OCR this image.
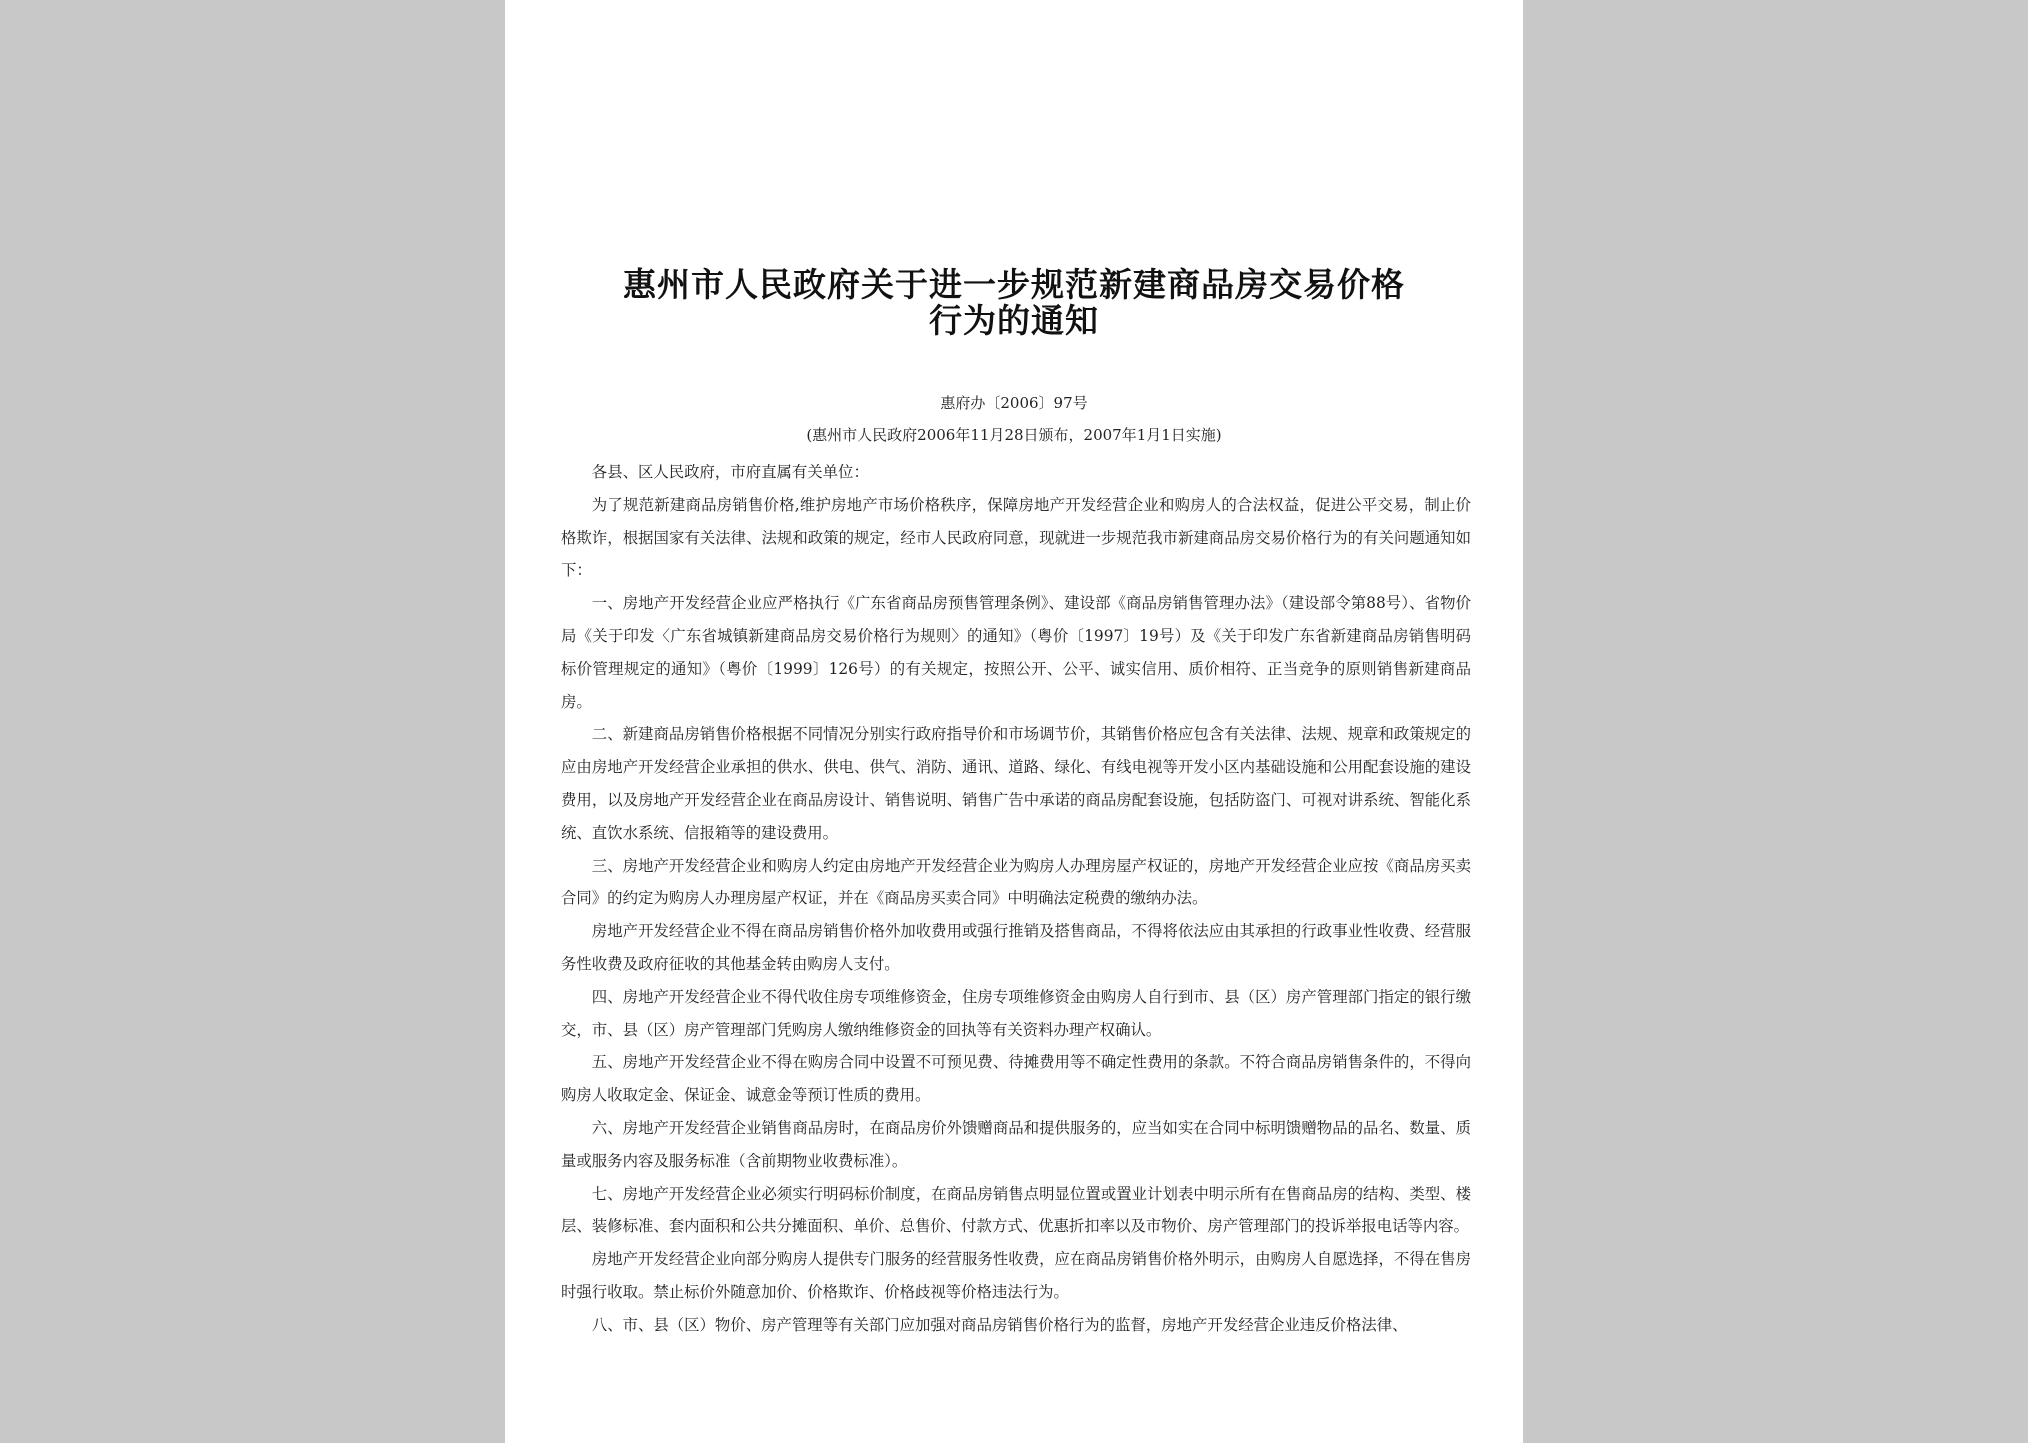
惠州市人民政府关于进一步规范新建商品房交易价格
行为的通知
惠府办〔2006〕97号
(惠州市人民政府2006年11月28日颁布，2007年1月1日实施)

各县、区人民政府，市府直属有关单位：

为了规范新建商品房销售价格,维护房地产市场价格秩序，保障房地产开发经营企业和购房人的合法权益，促进公平交易，制止价格欺诈，根据国家有关法律、法规和政策的规定，经市人民政府同意，现就进一步规范我市新建商品房交易价格行为的有关问题通知如下：

一、房地产开发经营企业应严格执行《广东省商品房预售管理条例》、建设部《商品房销售管理办法》（建设部令第88号）、省物价局《关于印发〈广东省城镇新建商品房交易价格行为规则〉的通知》（粤价〔1997〕19号）及《关于印发广东省新建商品房销售明码标价管理规定的通知》（粤价〔1999〕126号）的有关规定，按照公开、公平、诚实信用、质价相符、正当竞争的原则销售新建商品房。

二、新建商品房销售价格根据不同情况分别实行政府指导价和市场调节价，其销售价格应包含有关法律、法规、规章和政策规定的应由房地产开发经营企业承担的供水、供电、供气、消防、通讯、道路、绿化、有线电视等开发小区内基础设施和公用配套设施的建设费用，以及房地产开发经营企业在商品房设计、销售说明、销售广告中承诺的商品房配套设施，包括防盗门、可视对讲系统、智能化系统、直饮水系统、信报箱等的建设费用。

三、房地产开发经营企业和购房人约定由房地产开发经营企业为购房人办理房屋产权证的，房地产开发经营企业应按《商品房买卖合同》的约定为购房人办理房屋产权证，并在《商品房买卖合同》中明确法定税费的缴纳办法。

房地产开发经营企业不得在商品房销售价格外加收费用或强行推销及搭售商品，不得将依法应由其承担的行政事业性收费、经营服务性收费及政府征收的其他基金转由购房人支付。

四、房地产开发经营企业不得代收住房专项维修资金，住房专项维修资金由购房人自行到市、县（区）房产管理部门指定的银行缴交，市、县（区）房产管理部门凭购房人缴纳维修资金的回执等有关资料办理产权确认。

五、房地产开发经营企业不得在购房合同中设置不可预见费、待摊费用等不确定性费用的条款。不符合商品房销售条件的，不得向购房人收取定金、保证金、诚意金等预订性质的费用。

六、房地产开发经营企业销售商品房时，在商品房价外馈赠商品和提供服务的，应当如实在合同中标明馈赠物品的品名、数量、质量或服务内容及服务标准（含前期物业收费标准）。

七、房地产开发经营企业必须实行明码标价制度，在商品房销售点明显位置或置业计划表中明示所有在售商品房的结构、类型、楼层、装修标准、套内面积和公共分摊面积、单价、总售价、付款方式、优惠折扣率以及市物价、房产管理部门的投诉举报电话等内容。

房地产开发经营企业向部分购房人提供专门服务的经营服务性收费，应在商品房销售价格外明示，由购房人自愿选择，不得在售房时强行收取。禁止标价外随意加价、价格欺诈、价格歧视等价格违法行为。

八、市、县（区）物价、房产管理等有关部门应加强对商品房销售价格行为的监督，房地产开发经营企业违反价格法律、
